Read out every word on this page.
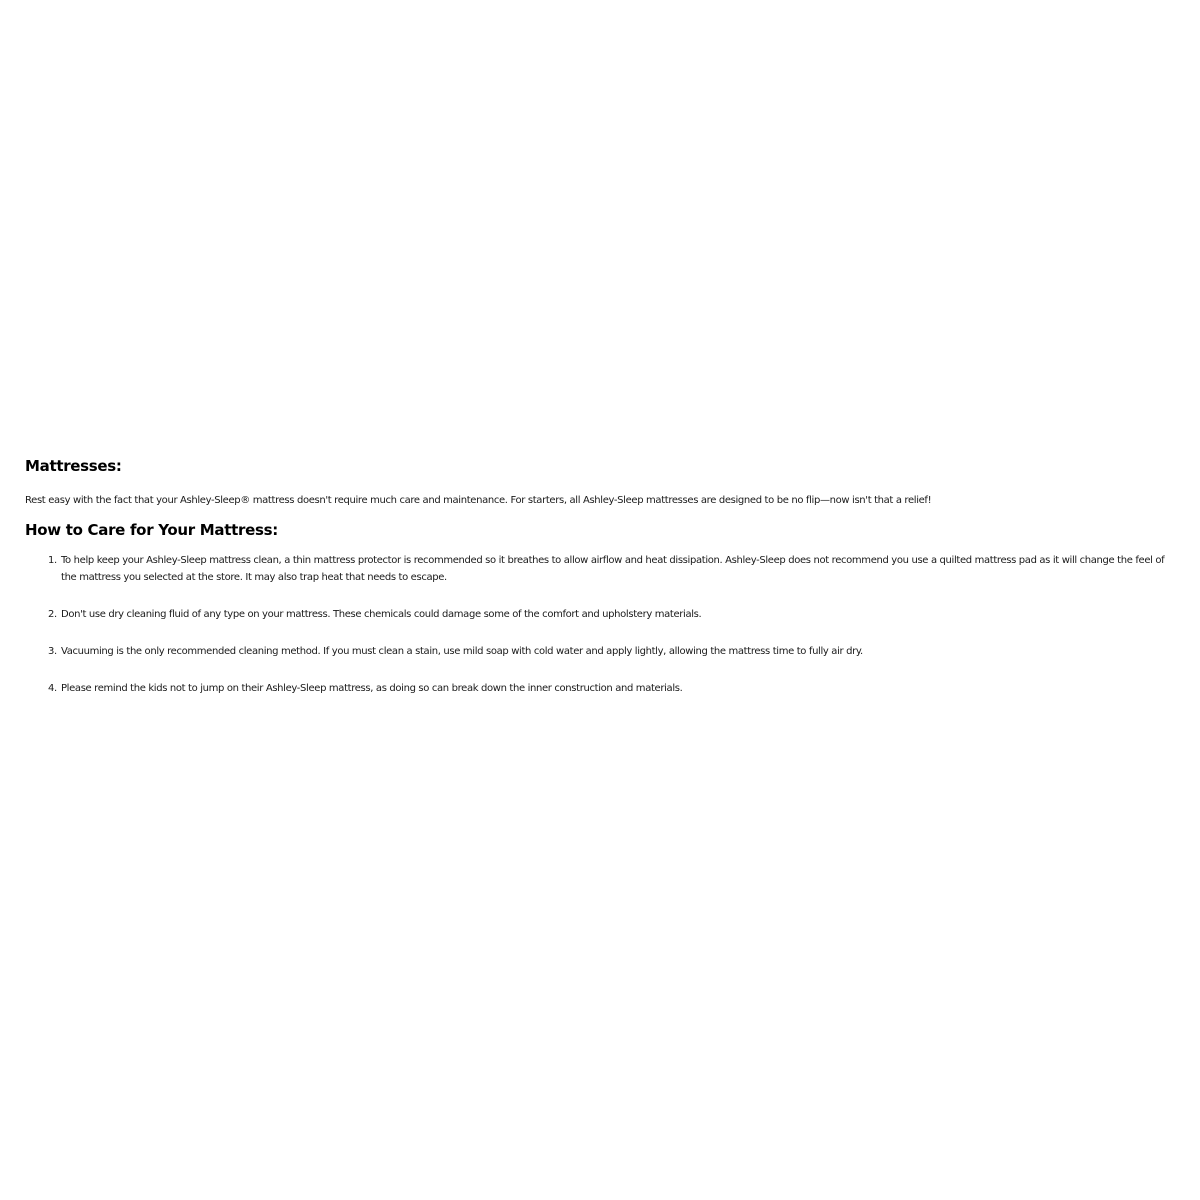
Mattresses:

Rest easy with the fact that your Ashley-Sleep® mattress doesn't require much care and maintenance. For starters, all Ashley-Sleep mattresses are designed to be no flip—now isn't that a relief!

How to Care for Your Mattress:
1. To help keep your Ashley-Sleep mattress clean, a thin mattress protector is recommended so it breathes to allow airflow and heat dissipation. Ashley-Sleep does not recommend you use a quilted mattress pad as it will change the feel of the mattress you selected at the store. It may also trap heat that needs to escape.
2. Don't use dry cleaning fluid of any type on your mattress. These chemicals could damage some of the comfort and upholstery materials.
3. Vacuuming is the only recommended cleaning method. If you must clean a stain, use mild soap with cold water and apply lightly, allowing the mattress time to fully air dry.
4. Please remind the kids not to jump on their Ashley-Sleep mattress, as doing so can break down the inner construction and materials.
